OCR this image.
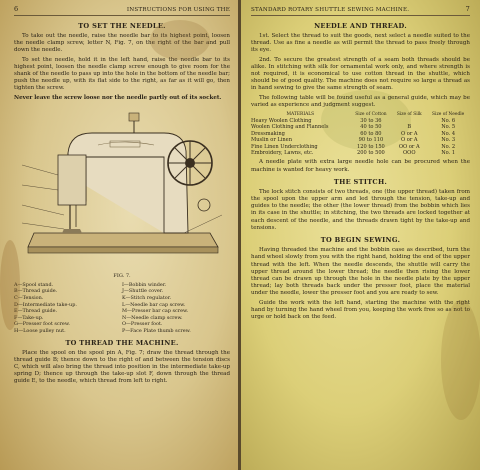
6	INSTRUCTIONS FOR USING THE
TO SET THE NEEDLE.

To take out the needle, raise the needle bar to its highest point, loosen the needle clamp screw, letter N, Fig. 7, on the right of the bar and pull down the needle.

To set the needle, hold it in the left hand, raise the needle bar to its highest point, loosen the needle clamp screw enough to give room for the shank of the needle to pass up into the hole in the bottom of the needle bar; push the needle up, with its flat side to the right, as far as it will go, then tighten the screw.

Never leave the screw loose nor the needle partly out of its socket.

FIG. 7.
A—Spool stand.
B—Thread guide.
C—Tension.
D—Intermediate take-up.
E—Thread guide.
F—Take-up.
G—Presser foot screw.
H—Loose pulley nut.
I—Bobbin winder.
J—Shuttle cover.
K—Stitch regulator.
L—Needle bar cap screw.
M—Presser bar cap screw.
N—Needle clamp screw.
O—Presser foot.
P—Face Plate thumb screw.
TO THREAD THE MACHINE.

Place the spool on the spool pin A, Fig. 7; draw the thread through the thread guide B; thence down to the right of and between the tension discs C, which will also bring the thread into position in the intermediate take-up spring D; thence up through the take-up slot F, down through the thread guide E, to the needle, which thread from left to right.

STANDARD ROTARY SHUTTLE SEWING MACHINE.	7
NEEDLE AND THREAD.

1st. Select the thread to suit the goods, next select a needle suited to the thread. Use as fine a needle as will permit the thread to pass freely through its eye.

2nd. To secure the greatest strength of a seam both threads should be alike. In stitching with silk for ornamental work only, and where strength is not required, it is economical to use cotton thread in the shuttle, which should be of good quality. The machine does not require so large a thread as in hand sewing to give the same strength of seam.

The following table will be found useful as a general guide, which may be varied as experience and judgment suggest.

MATERIALS	Size of Cotton	Size of Silk	Size of Needle
Heavy Woolen Clothing	30 to 36		No. 6
Woolen Clothing and Flannels	40 to 50	B	No. 5
Dressmaking	60 to 80	O or A	No. 4
Muslin or Linen	90 to 110	O or A	No. 3
Fine Linen Underclothing	120 to 150	OO or A	No. 2
Embroidery, Lawns, etc.	200 to 500	OOO	No. 1

A needle plate with extra large needle hole can be procured when the machine is wanted for heavy work.

THE STITCH.

The lock stitch consists of two threads, one (the upper thread) taken from the spool upon the upper arm and led through the tension, take-up and guides to the needle; the other (the lower thread) from the bobbin which lies in its case in the shuttle; in stitching, the two threads are locked together at each descent of the needle, and the threads drawn tight by the take-up and tensions.

TO BEGIN SEWING.

Having threaded the machine and the bobbin case as described, turn the hand wheel slowly from you with the right hand, holding the end of the upper thread with the left. When the needle descends, the shuttle will carry the upper thread around the lower thread; the needle then rising the lower thread can be drawn up through the hole in the needle plate by the upper thread; lay both threads back under the presser foot, place the material under the needle, lower the presser foot and you are ready to sew.

Guide the work with the left hand, starting the machine with the right hand by turning the hand wheel from you, keeping the work free so as not to urge or hold back on the feed.
